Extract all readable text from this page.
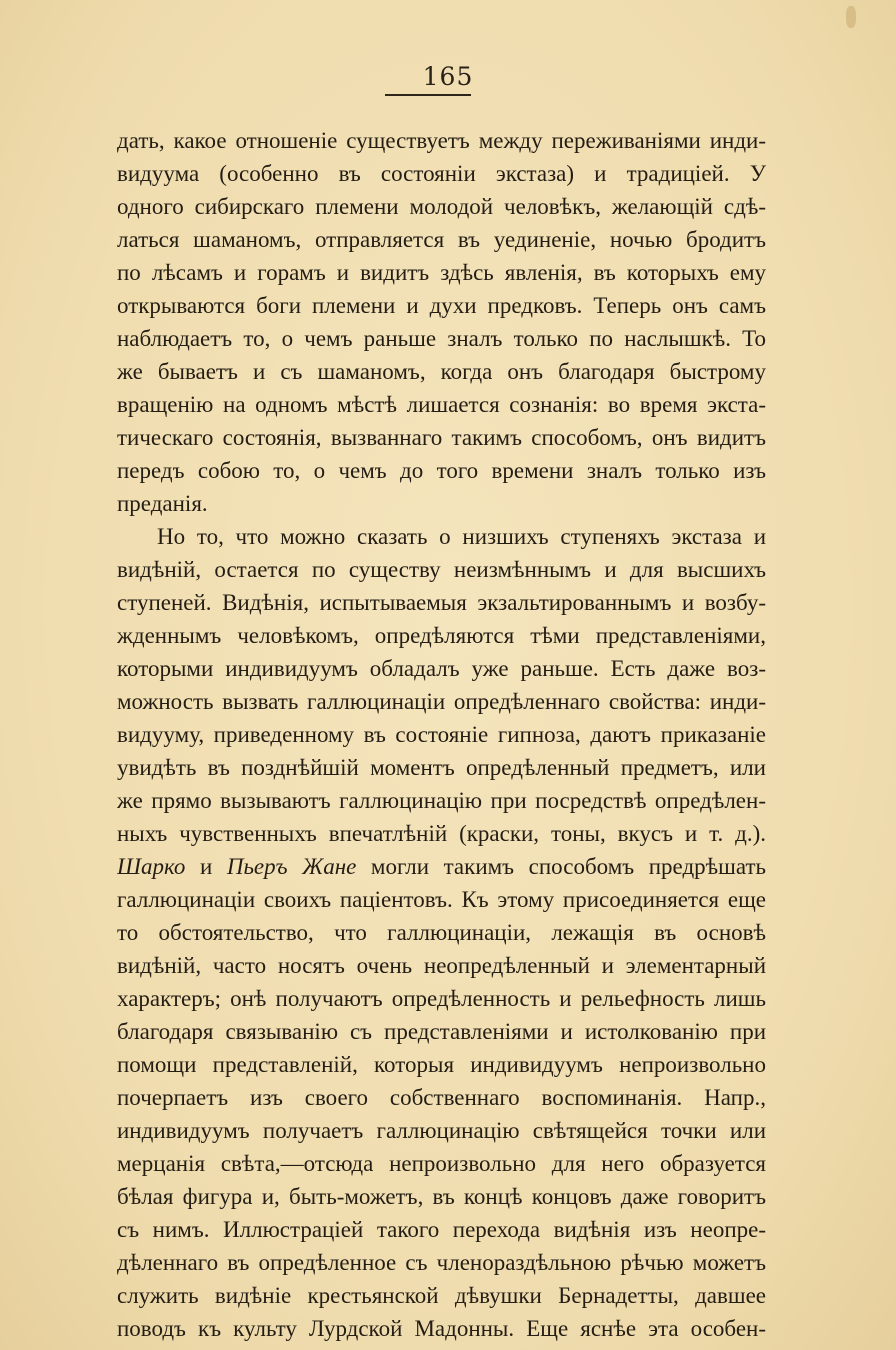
165
дать, какое отношеніе существуетъ между переживаніями инди-
видуума (особенно въ состояніи экстаза) и традиціей. У
одного сибирскаго племени молодой человѣкъ, желающій сдѣ-
латься шаманомъ, отправляется въ уединеніе, ночью бродитъ
по лѣсамъ и горамъ и видитъ здѣсь явленія, въ которыхъ ему
открываются боги племени и духи предковъ. Теперь онъ самъ
наблюдаетъ то, о чемъ раньше зналъ только по наслышкѣ. То
же бываетъ и съ шаманомъ, когда онъ благодаря быстрому
вращенію на одномъ мѣстѣ лишается сознанія: во время экста-
тическаго состоянія, вызваннаго такимъ способомъ, онъ видитъ
передъ собою то, о чемъ до того времени зналъ только изъ
преданія.
Но то, что можно сказать о низшихъ ступеняхъ экстаза и
видѣній, остается по существу неизмѣннымъ и для высшихъ
ступеней. Видѣнія, испытываемыя экзальтированнымъ и возбу-
жденнымъ человѣкомъ, опредѣляются тѣми представленіями,
которыми индивидуумъ обладалъ уже раньше. Есть даже воз-
можность вызвать галлюцинаціи опредѣленнаго свойства: инди-
видууму, приведенному въ состояніе гипноза, даютъ приказаніе
увидѣть въ позднѣйшій моментъ опредѣленный предметъ, или
же прямо вызываютъ галлюцинацію при посредствѣ опредѣлен-
ныхъ чувственныхъ впечатлѣній (краски, тоны, вкусъ и т. д.).
Шарко и Пьеръ Жане могли такимъ способомъ предрѣшать
галлюцинаціи своихъ паціентовъ. Къ этому присоединяется еще
то обстоятельство, что галлюцинаціи, лежащія въ основѣ
видѣній, часто носятъ очень неопредѣленный и элементарный
характеръ; онѣ получаютъ опредѣленность и рельефность лишь
благодаря связыванію съ представленіями и истолкованію при
помощи представленій, которыя индивидуумъ непроизвольно
почерпаетъ изъ своего собственнаго воспоминанія. Напр.,
индивидуумъ получаетъ галлюцинацію свѣтящейся точки или
мерцанія свѣта,—отсюда непроизвольно для него образуется
бѣлая фигура и, быть-можетъ, въ концѣ концовъ даже говоритъ
съ нимъ. Иллюстраціей такого перехода видѣнія изъ неопре-
дѣленнаго въ опредѣленное съ членораздѣльною рѣчью можетъ
служить видѣніе крестьянской дѣвушки Бернадетты, давшее
поводъ къ культу Лурдской Мадонны. Еще яснѣе эта особен-
